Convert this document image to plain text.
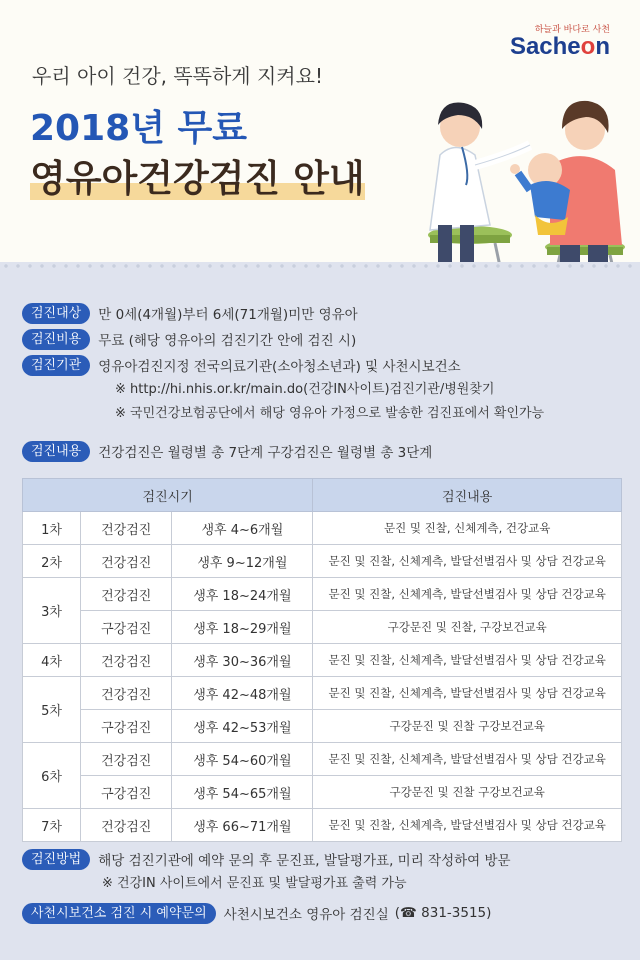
하늘과 바다로 사천
Sacheon
우리 아이 건강, 똑똑하게 지켜요!
2018년 무료
영유아건강검진 안내
검진대상	만 0세(4개월)부터 6세(71개월)미만 영유아
검진비용	무료 (해당 영유아의 검진기간 안에 검진 시)
검진기관	영유아검진지정 전국의료기관(소아청소년과) 및 사천시보건소
※ http://hi.nhis.or.kr/main.do(건강IN사이트)검진기관/병원찾기
※ 국민건강보험공단에서 해당 영유아 가정으로 발송한 검진표에서 확인가능
검진내용	건강검진은 월령별 총 7단계 구강검진은 월령별 총 3단계
검진시기			검진내용
1차	건강검진	생후 4~6개월	문진 및 진찰, 신체계측, 건강교육
2차	건강검진	생후 9~12개월	문진 및 진찰, 신체계측, 발달선별검사 및 상담 건강교육
3차	건강검진	생후 18~24개월	문진 및 진찰, 신체계측, 발달선별검사 및 상담 건강교육
	구강검진	생후 18~29개월	구강문진 및 진찰, 구강보건교육
4차	건강검진	생후 30~36개월	문진 및 진찰, 신체계측, 발달선별검사 및 상담 건강교육
5차	건강검진	생후 42~48개월	문진 및 진찰, 신체계측, 발달선별검사 및 상담 건강교육
	구강검진	생후 42~53개월	구강문진 및 진찰 구강보건교육
6차	건강검진	생후 54~60개월	문진 및 진찰, 신체계측, 발달선별검사 및 상담 건강교육
	구강검진	생후 54~65개월	구강문진 및 진찰 구강보건교육
7차	건강검진	생후 66~71개월	문진 및 진찰, 신체계측, 발달선별검사 및 상담 건강교육
검진방법	해당 검진기관에 예약 문의 후 문진표, 발달평가표, 미리 작성하여 방문
※ 건강IN 사이트에서 문진표 및 발달평가표 출력 가능
사천시보건소 검진 시 예약문의	사천시보건소 영유아 검진실 (☎ 831-3515)
